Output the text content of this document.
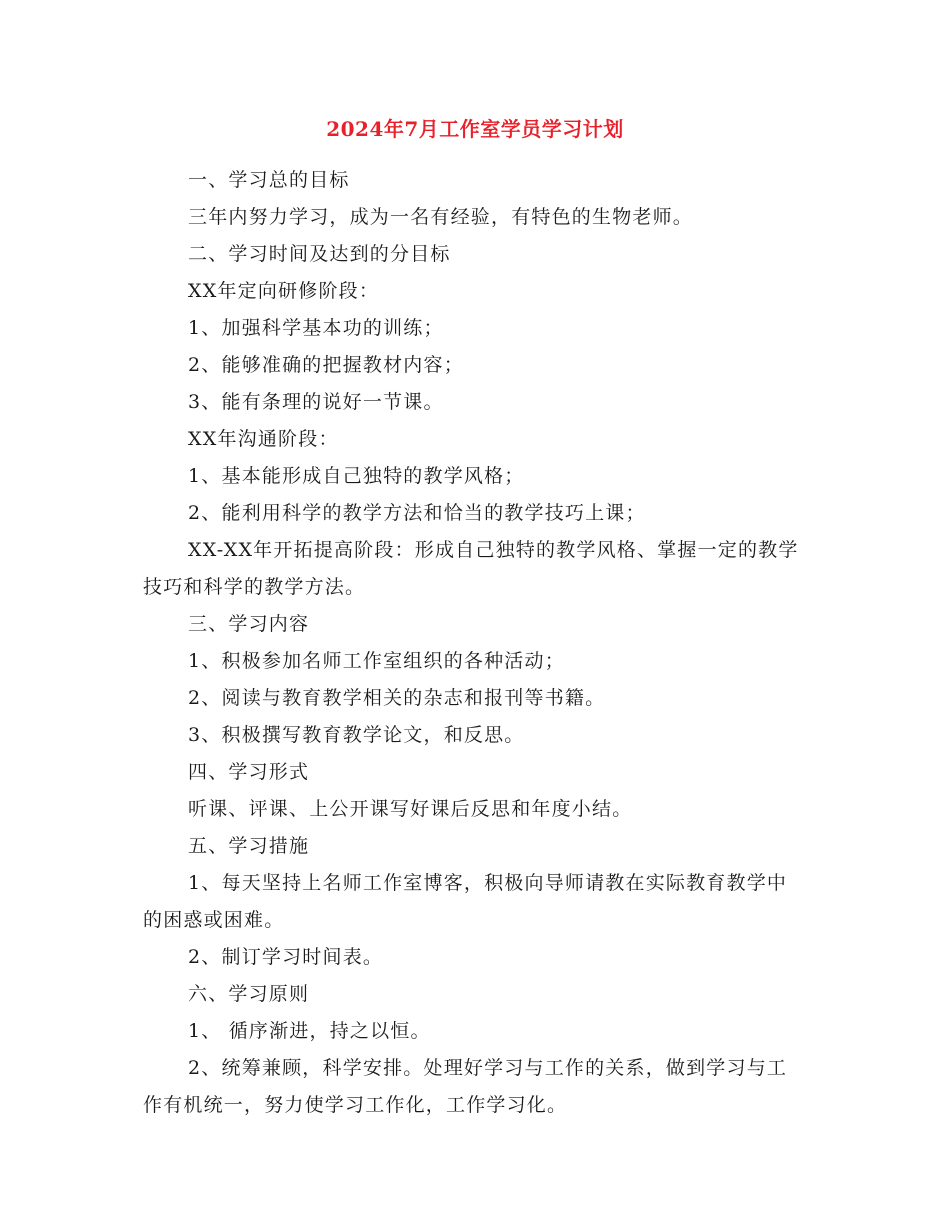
2024年7月工作室学员学习计划

一、学习总的目标

三年内努力学习，成为一名有经验，有特色的生物老师。

二、学习时间及达到的分目标

XX年定向研修阶段：

1、加强科学基本功的训练；

2、能够准确的把握教材内容；

3、能有条理的说好一节课。

XX年沟通阶段：

1、基本能形成自己独特的教学风格；

2、能利用科学的教学方法和恰当的教学技巧上课；

XX-XX年开拓提高阶段：形成自己独特的教学风格、掌握一定的教学技巧和科学的教学方法。

三、学习内容

1、积极参加名师工作室组织的各种活动；

2、阅读与教育教学相关的杂志和报刊等书籍。

3、积极撰写教育教学论文，和反思。

四、学习形式

听课、评课、上公开课写好课后反思和年度小结。

五、学习措施

1、每天坚持上名师工作室博客，积极向导师请教在实际教育教学中的困惑或困难。

2、制订学习时间表。

六、学习原则

1、 循序渐进，持之以恒。

2、统筹兼顾，科学安排。处理好学习与工作的关系，做到学习与工作有机统一，努力使学习工作化，工作学习化。
